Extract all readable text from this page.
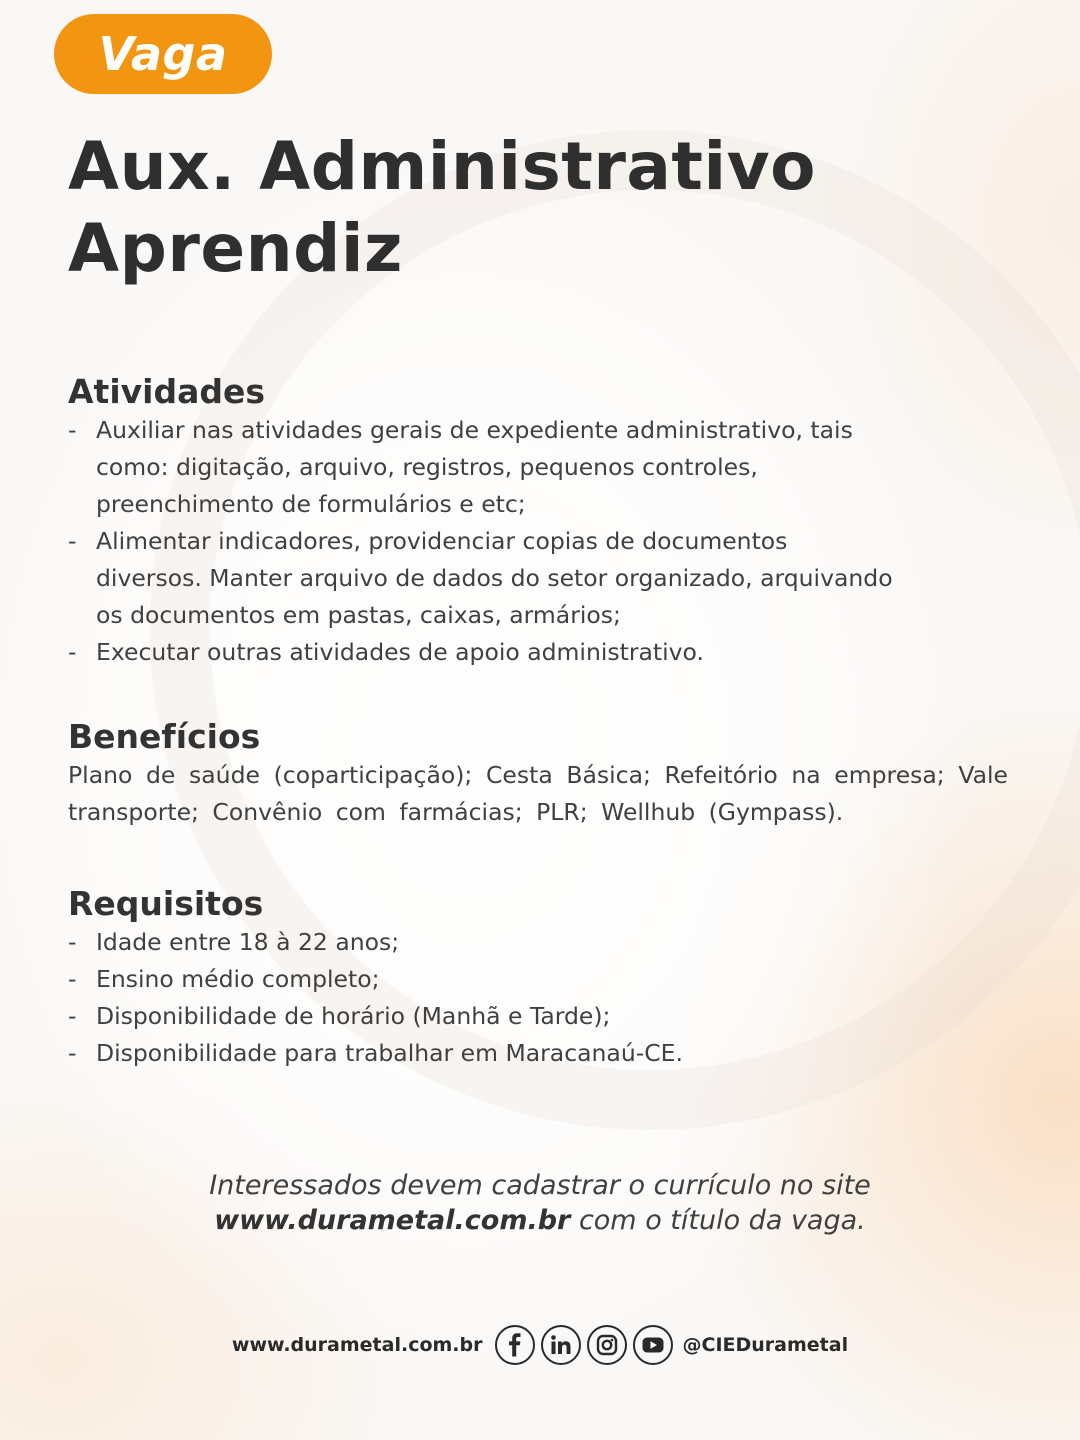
Vaga
Aux. Administrativo
Aprendiz
Atividades
- Auxiliar nas atividades gerais de expediente administrativo, tais
como: digitação, arquivo, registros, pequenos controles,
preenchimento de formulários e etc;
- Alimentar indicadores, providenciar copias de documentos
diversos. Manter arquivo de dados do setor organizado, arquivando
os documentos em pastas, caixas, armários;
- Executar outras atividades de apoio administrativo.
Benefícios

Plano de saúde (coparticipação); Cesta Básica; Refeitório na empresa; Vale transporte; Convênio com farmácias; PLR; Wellhub (Gympass).

Requisitos
- Idade entre 18 à 22 anos;
- Ensino médio completo;
- Disponibilidade de horário (Manhã e Tarde);
- Disponibilidade para trabalhar em Maracanaú-CE.
Interessados devem cadastrar o currículo no site
www.durametal.com.br com o título da vaga.
www.durametal.com.br	@CIEDurametal
